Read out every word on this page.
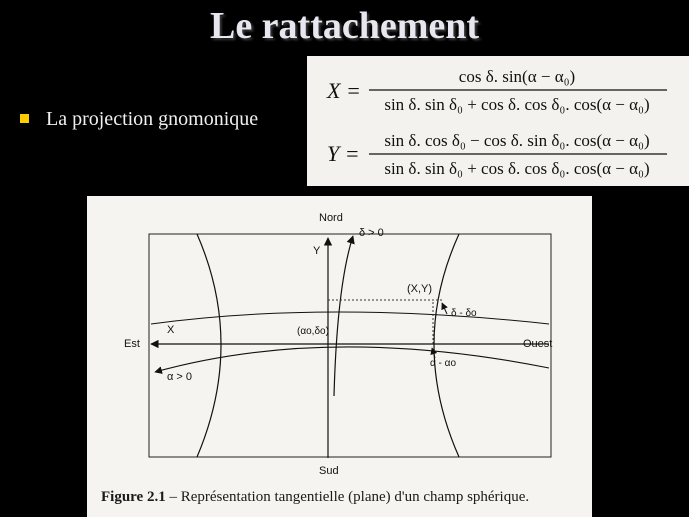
Le rattachement
La projection gnomonique
X =
cos δ. sin(α − α₀)
sin δ. sin δ₀ + cos δ. cos δ₀. cos(α − α₀)
Y =
sin δ. cos δ₀ − cos δ. sin δ₀. cos(α − α₀)
sin δ. sin δ₀ + cos δ. cos δ₀. cos(α − α₀)
Nord
Sud
Est	Ouest
Y
X
δ > 0
α > 0
(αo,δo)
(X,Y)
δ - δo
α - αo
Figure 2.1 – Représentation tangentielle (plane) d'un champ sphérique.
